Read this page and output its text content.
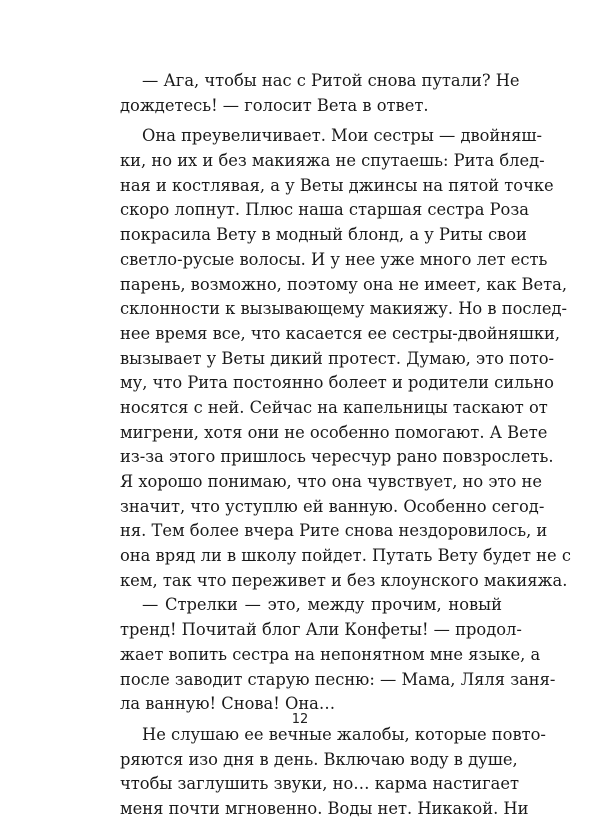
— Ага, чтобы нас с Ритой снова путали? Не
дождетесь! — голосит Вета в ответ.
Она преувеличивает. Мои сестры — двойняш-
ки, но их и без макияжа не спутаешь: Рита блед-
ная и костлявая, а у Веты джинсы на пятой точке
скоро лопнут. Плюс наша старшая сестра Роза
покрасила Вету в модный блонд, а у Риты свои
светло-русые волосы. И у нее уже много лет есть
парень, возможно, поэтому она не имеет, как Вета,
склонности к вызывающему макияжу. Но в послед-
нее время все, что касается ее сестры-двойняшки,
вызывает у Веты дикий протест. Думаю, это пото-
му, что Рита постоянно болеет и родители сильно
носятся с ней. Сейчас на капельницы таскают от
мигрени, хотя они не особенно помогают. А Вете
из-за этого пришлось чересчур рано повзрослеть.
Я хорошо понимаю, что она чувствует, но это не
значит, что уступлю ей ванную. Особенно сегод-
ня. Тем более вчера Рите снова нездоровилось, и
она вряд ли в школу пойдет. Путать Вету будет не с
кем, так что переживет и без клоунского макияжа.
— Стрелки — это, между прочим, новый
тренд! Почитай блог Али Конфеты! — продол-
жает вопить сестра на непонятном мне языке, а
после заводит старую песню: — Мама, Ляля заня-
ла ванную! Снова! Она…
Не слушаю ее вечные жалобы, которые повто-
ряются изо дня в день. Включаю воду в душе,
чтобы заглушить звуки, но… карма настигает
меня почти мгновенно. Воды нет. Никакой. Ни
12
